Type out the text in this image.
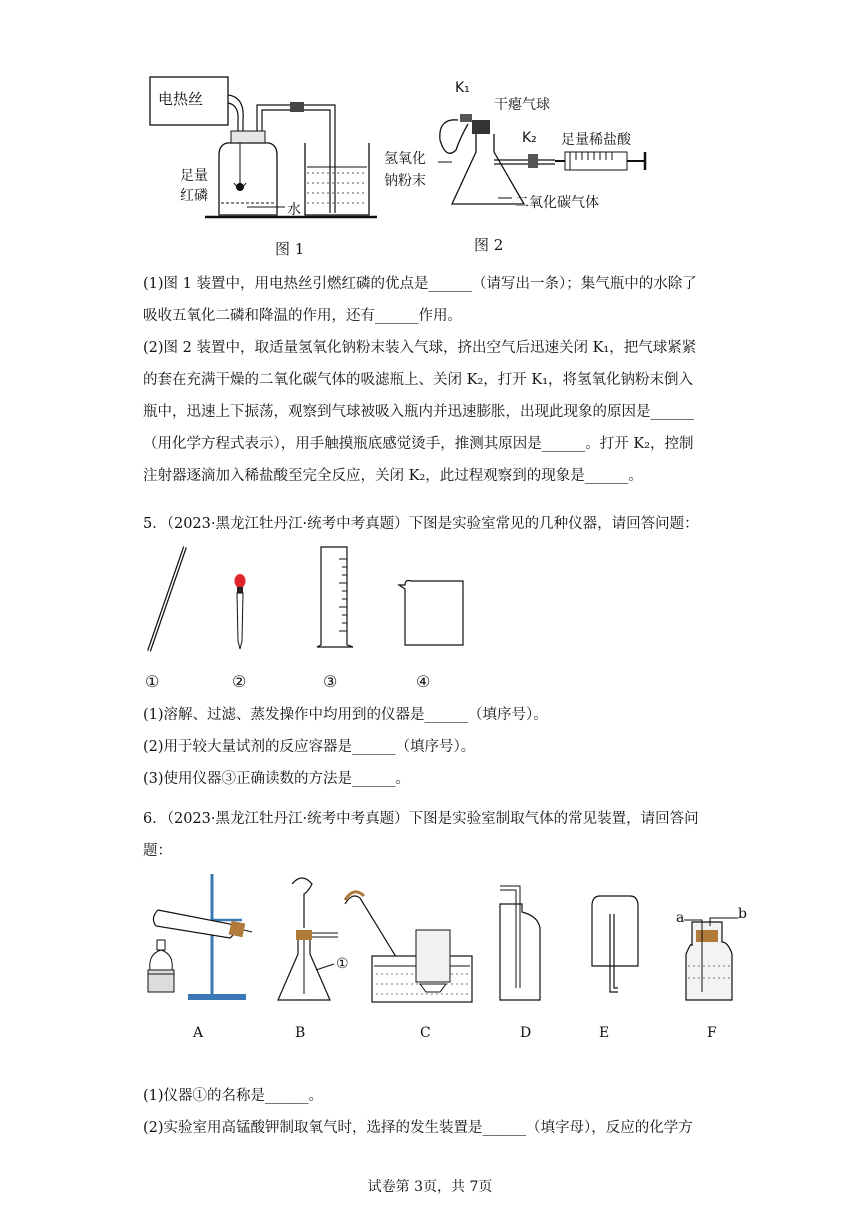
电热丝
足量
红磷
水
图 1
K₁
干瘪气球
K₂ 足量稀盐酸
氢氧化
钠粉末
二氧化碳气体
图 2
(1)图 1 装置中，用电热丝引燃红磷的优点是______（请写出一条）；集气瓶中的水除了
吸收五氧化二磷和降温的作用，还有______作用。
(2)图 2 装置中，取适量氢氧化钠粉末装入气球，挤出空气后迅速关闭 K₁，把气球紧紧
的套在充满干燥的二氧化碳气体的吸滤瓶上、关闭 K₂，打开 K₁，将氢氧化钠粉末倒入
瓶中，迅速上下振荡，观察到气球被吸入瓶内并迅速膨胀，出现此现象的原因是______
（用化学方程式表示），用手触摸瓶底感觉烫手，推测其原因是______。打开 K₂，控制
注射器逐滴加入稀盐酸至完全反应，关闭 K₂，此过程观察到的现象是______。
5．（2023·黑龙江牡丹江·统考中考真题）下图是实验室常见的几种仪器，请回答问题：
①	②	③	④
(1)溶解、过滤、蒸发操作中均用到的仪器是______（填序号）。
(2)用于较大量试剂的反应容器是______（填序号）。
(3)使用仪器③正确读数的方法是______。
6．（2023·黑龙江牡丹江·统考中考真题）下图是实验室制取气体的常见装置，请回答问
题：
①
a	b
A	B	C	D	E	F
(1)仪器①的名称是______。
(2)实验室用高锰酸钾制取氧气时，选择的发生装置是______（填字母），反应的化学方
试卷第 3页，共 7页
